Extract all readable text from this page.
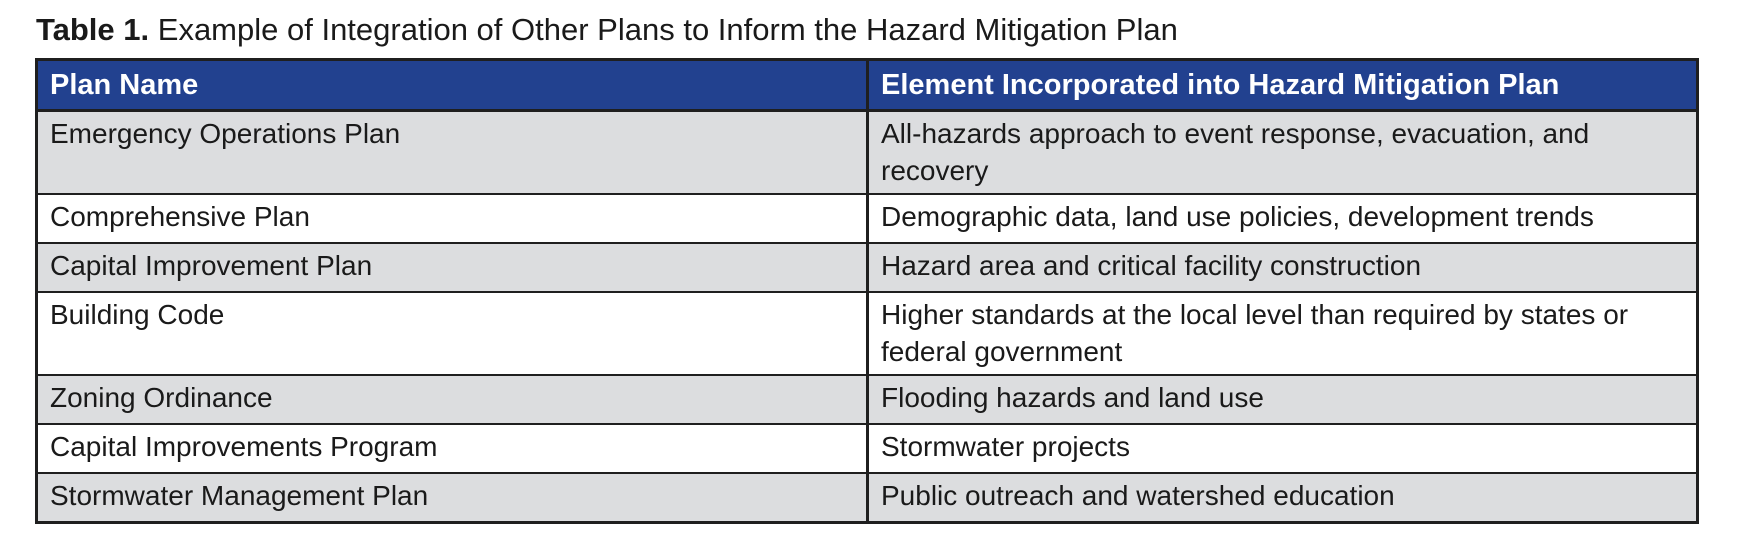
Table 1. Example of Integration of Other Plans to Inform the Hazard Mitigation Plan
Plan Name	Element Incorporated into Hazard Mitigation Plan
Emergency Operations Plan	All-hazards approach to event response, evacuation, and recovery
Comprehensive Plan	Demographic data, land use policies, development trends
Capital Improvement Plan	Hazard area and critical facility construction
Building Code	Higher standards at the local level than required by states or federal government
Zoning Ordinance	Flooding hazards and land use
Capital Improvements Program	Stormwater projects
Stormwater Management Plan	Public outreach and watershed education
